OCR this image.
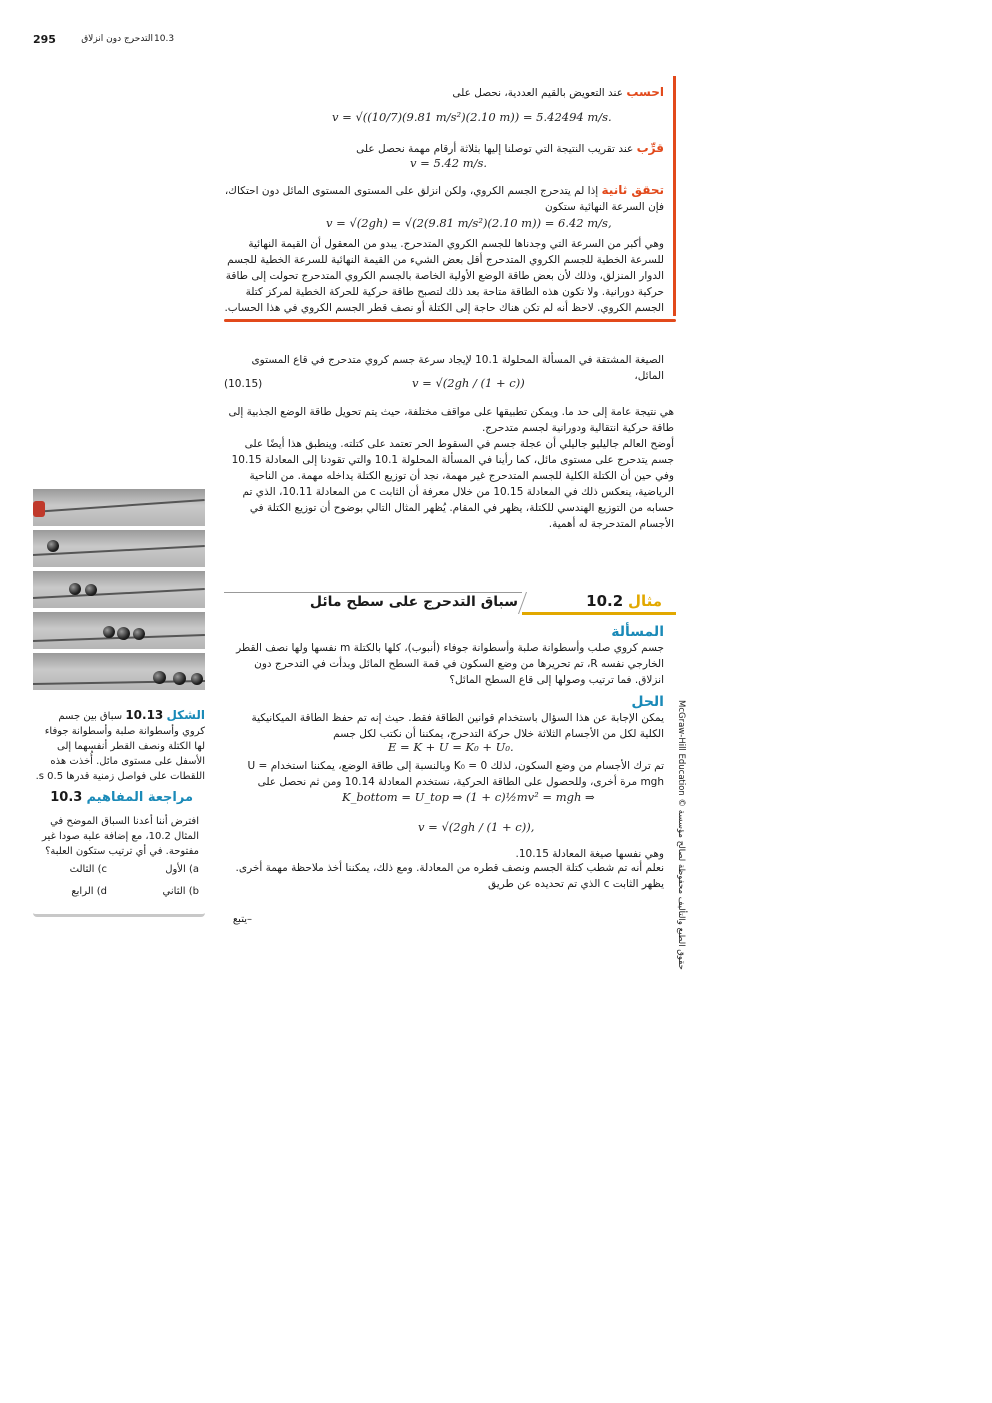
295	التدحرج دون انزلاق 10.3
احسب عند التعويض بالقيم العددية، نحصل على
v = √((10/7)(9.81 m/s²)(2.10 m)) = 5.42494 m/s.
قرِّب عند تقريب النتيجة التي توصلنا إليها بثلاثة أرقام مهمة نحصل على
v = 5.42 m/s.
تحقق ثانية إذا لم يتدحرج الجسم الكروي، ولكن انزلق على المستوى المستوى المائل دون احتكاك، فإن السرعة النهائية ستكون
v = √(2gh) = √(2(9.81 m/s²)(2.10 m)) = 6.42 m/s,
وهي أكبر من السرعة التي وجدناها للجسم الكروي المتدحرج. يبدو من المعقول أن القيمة النهائية للسرعة الخطية للجسم الكروي المتدحرج أقل بعض الشيء من القيمة النهائية للسرعة الخطية للجسم الدوار المنزلق، وذلك لأن بعض طاقة الوضع الأولية الخاصة بالجسم الكروي المتدحرج تحولت إلى طاقة حركية دورانية. ولا تكون هذه الطاقة متاحة بعد ذلك لتصبح طاقة حركية للحركة الخطية لمركز كتلة الجسم الكروي. لاحظ أنه لم تكن هناك حاجة إلى الكتلة أو نصف قطر الجسم الكروي في هذا الحساب.
الصيغة المشتقة في المسألة المحلولة 10.1 لإيجاد سرعة جسم كروي متدحرج في قاع المستوى المائل،
(10.15)	v = √(2gh / (1 + c))
هي نتيجة عامة إلى حد ما. ويمكن تطبيقها على مواقف مختلفة، حيث يتم تحويل طاقة الوضع الجذبية إلى طاقة حركية انتقالية ودورانية لجسم متدحرج.
أوضح العالم جاليليو جاليلي أن عجلة جسم في السقوط الحر تعتمد على كتلته. وينطبق هذا أيضًا على جسم يتدحرج على مستوى مائل، كما رأينا في المسألة المحلولة 10.1 والتي تقودنا إلى المعادلة 10.15 وفي حين أن الكتلة الكلية للجسم المتدحرج غير مهمة، نجد أن توزيع الكتلة يداخله مهمة. من الناحية الرياضية، ينعكس ذلك في المعادلة 10.15 من خلال معرفة أن الثابت c من المعادلة 10.11، الذي تم حسابه من التوزيع الهندسي للكتلة، يظهر في المقام. يُظهر المثال التالي بوضوح أن توزيع الكتلة في الأجسام المتدحرجة له أهمية.
الشكل 10.13 سباق بين جسم كروي وأسطوانة صلبة وأسطوانة جوفاء لها الكتلة ونصف القطر أنفسهما إلى الأسفل على مستوى مائل. أُخذت هذه اللقطات على فواصل زمنية قدرها 0.5 s.
مراجعة المفاهيم 10.3
افترض أننا أعدنا السباق الموضح في المثال 10.2، مع إضافة علبة صودا غير مفتوحة. في أي ترتيب ستكون العلبة؟
a) الأول
c) الثالث
b) الثاني
d) الرابع
سباق التدحرج على سطح مائل	مثال 10.2
المسألة
جسم كروي صلب وأسطوانة صلبة وأسطوانة جوفاء (أنبوب)، كلها بالكتلة m نفسها ولها نصف القطر الخارجي نفسه R، تم تحريرها من وضع السكون في قمة السطح المائل وبدأت في التدحرج دون انزلاق. فما ترتيب وصولها إلى قاع السطح المائل؟
الحل
يمكن الإجابة عن هذا السؤال باستخدام قوانين الطاقة فقط. حيث إنه تم حفظ الطاقة الميكانيكية الكلية لكل من الأجسام الثلاثة خلال حركة التدحرج، يمكننا أن نكتب لكل جسم
E = K + U = K₀ + U₀.
تم ترك الأجسام من وضع السكون، لذلك K₀ = 0 وبالنسبة إلى طاقة الوضع، يمكننا استخدام U = mgh مرة أخرى، وللحصول على الطاقة الحركية، نستخدم المعادلة 10.14 ومن ثم نحصل على
K_bottom = U_top ⇒ (1 + c)½mv² = mgh ⇒
v = √(2gh / (1 + c)),
وهي نفسها صيغة المعادلة 10.15.
نعلم أنه تم شطب كتلة الجسم ونصف قطره من المعادلة. ومع ذلك، يمكننا أخذ ملاحظة مهمة أخرى. يظهر الثابت c الذي تم تحديده عن طريق
–يتبع
McGraw-Hill Education © حقوق الطبع والتأليف محفوظة لصالح مؤسسة
